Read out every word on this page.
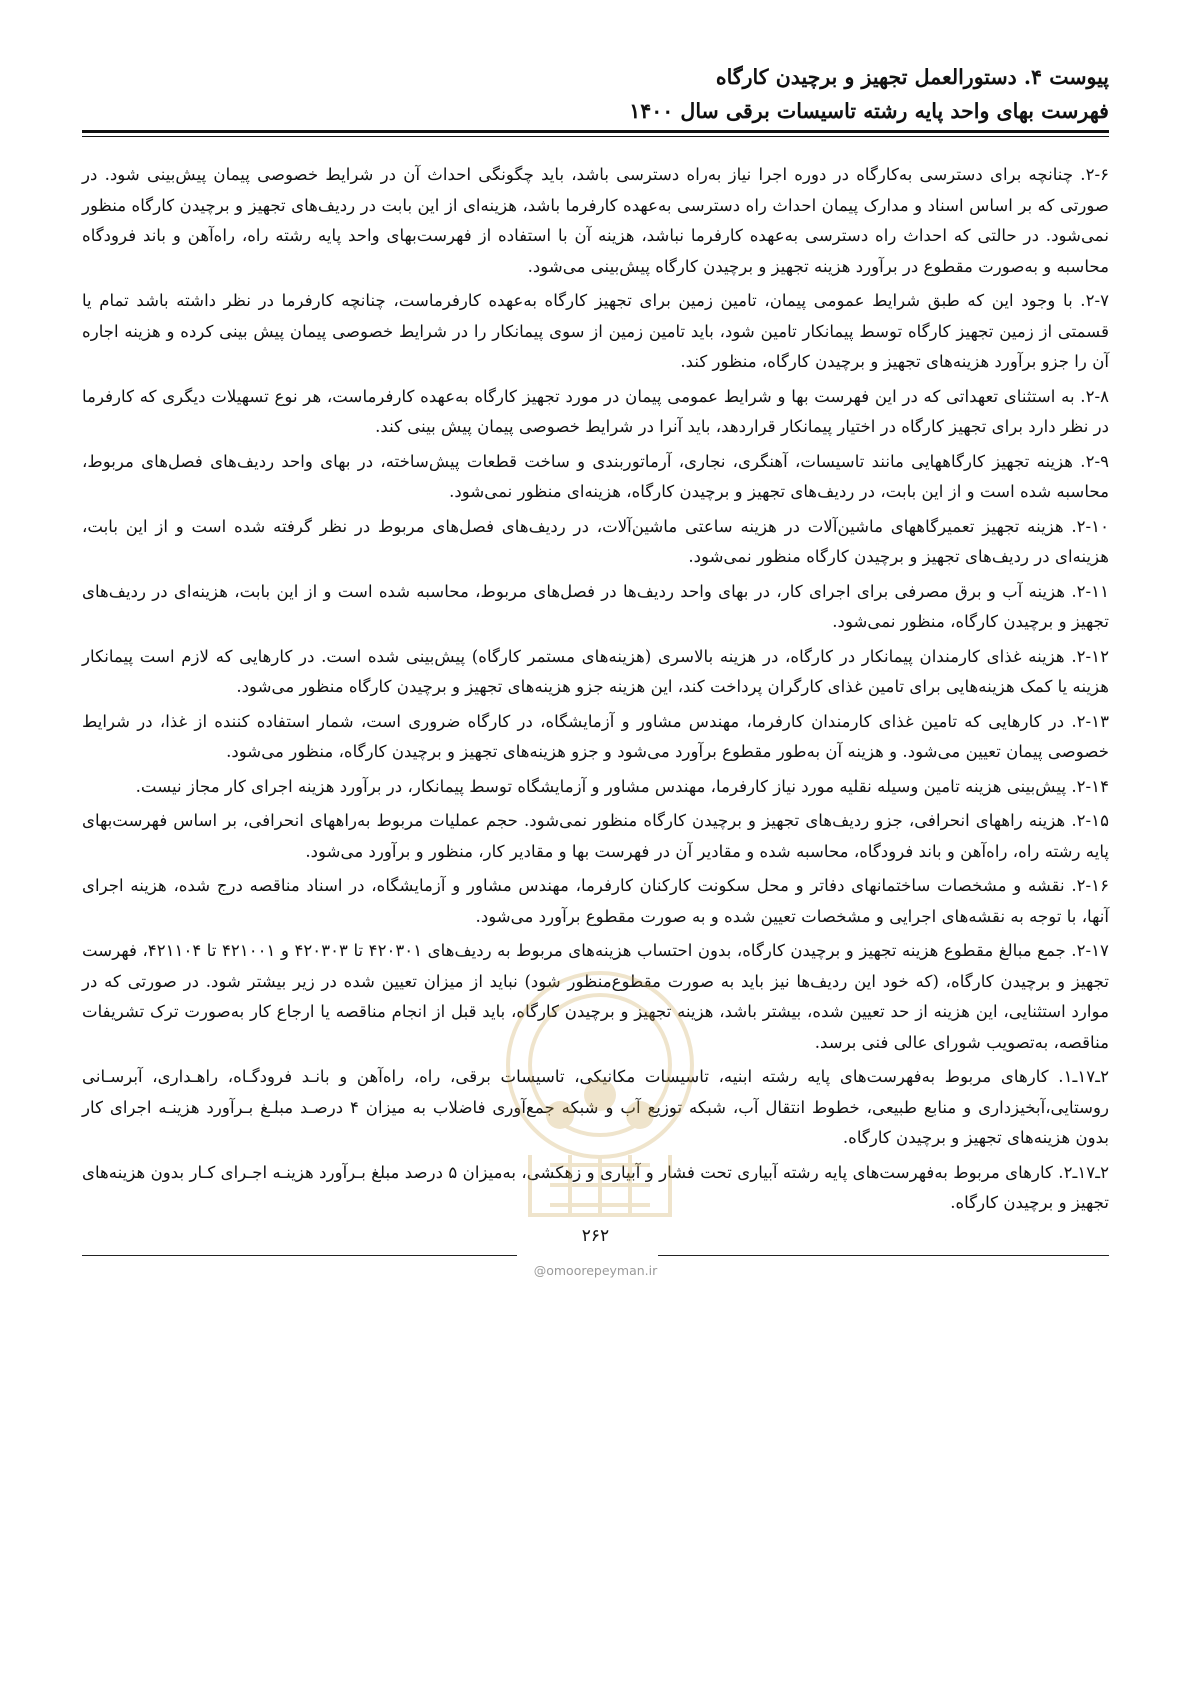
پیوست ۴. دستورالعمل تجهیز و برچیدن کارگاه
فهرست بهای واحد پایه رشته تاسیسات برقی سال ۱۴۰۰

۲-۶. چنانچه برای دسترسی به‌کارگاه در دوره اجرا نیاز به‌راه دسترسی باشد، باید چگونگی احداث آن در شرایط خصوصی پیمان پیش‌بینی شود. در صورتی که بر اساس اسناد و مدارک پیمان احداث راه دسترسی به‌عهده کارفرما باشد، هزینه‌ای از این بابت در ردیف‌های تجهیز و برچیدن کارگاه منظور نمی‌شود. در حالتی که احداث راه دسترسی به‌عهده کارفرما نباشد، هزینه آن با استفاده از فهرست‌بهای واحد پایه رشته راه، راه‌آهن و باند فرودگاه محاسبه و به‌صورت مقطوع در برآورد هزینه تجهیز و برچیدن کارگاه پیش‌بینی می‌شود.

۲-۷. با وجود این که طبق شرایط عمومی پیمان، تامین زمین برای تجهیز کارگاه به‌عهده کارفرماست، چنانچه کارفرما در نظر داشته باشد تمام یا قسمتی از زمین تجهیز کارگاه توسط پیمانکار تامین شود، باید تامین زمین از سوی پیمانکار را در شرایط خصوصی پیمان پیش بینی کرده و هزینه اجاره آن را جزو برآورد هزینه‌های تجهیز و برچیدن کارگاه، منظور کند.

۲-۸. به استثنای تعهداتی که در این فهرست بها و شرایط عمومی پیمان در مورد تجهیز کارگاه به‌عهده کارفرماست، هر نوع تسهیلات دیگری که کارفرما در نظر دارد برای تجهیز کارگاه در اختیار پیمانکار قراردهد، باید آنرا در شرایط خصوصی پیمان پیش بینی کند.

۲-۹. هزینه تجهیز کارگاههایی مانند تاسیسات، آهنگری، نجاری، آرماتوربندی و ساخت قطعات پیش‌ساخته، در بهای واحد ردیف‌های فصل‌های مربوط، محاسبه شده است و از این بابت، در ردیف‌های تجهیز و برچیدن کارگاه، هزینه‌ای منظور نمی‌شود.

۲-۱۰. هزینه تجهیز تعمیرگاههای ماشین‌آلات در هزینه ساعتی ماشین‌آلات، در ردیف‌های فصل‌های مربوط در نظر گرفته شده است و از این بابت، هزینه‌ای در ردیف‌های تجهیز و برچیدن کارگاه منظور نمی‌شود.

۲-۱۱. هزینه آب و برق مصرفی برای اجرای کار، در بهای واحد ردیف‌ها در فصل‌های مربوط، محاسبه شده است و از این بابت، هزینه‌ای در ردیف‌های تجهیز و برچیدن کارگاه، منظور نمی‌شود.

۲-۱۲. هزینه غذای کارمندان پیمانکار در کارگاه، در هزینه بالاسری (هزینه‌های مستمر کارگاه) پیش‌بینی شده است. در کارهایی که لازم است پیمانکار هزینه یا کمک هزینه‌هایی برای تامین غذای کارگران پرداخت کند، این هزینه جزو هزینه‌های تجهیز و برچیدن کارگاه منظور می‌شود.

۲-۱۳. در کارهایی که تامین غذای کارمندان کارفرما، مهندس مشاور و آزمایشگاه، در کارگاه ضروری است، شمار استفاده کننده از غذا، در شرایط خصوصی پیمان تعیین می‌شود. و هزینه آن به‌طور مقطوع برآورد می‌شود و جزو هزینه‌های تجهیز و برچیدن کارگاه، منظور می‌شود.

۲-۱۴. پیش‌بینی هزینه تامین وسیله نقلیه مورد نیاز کارفرما، مهندس مشاور و آزمایشگاه توسط پیمانکار، در برآورد هزینه اجرای کار مجاز نیست.

۲-۱۵. هزینه راههای انحرافی، جزو ردیف‌های تجهیز و برچیدن کارگاه منظور نمی‌شود. حجم عملیات مربوط به‌راههای انحرافی، بر اساس فهرست‌بهای پایه رشته راه، راه‌آهن و باند فرودگاه، محاسبه شده و مقادیر آن در فهرست بها و مقادیر کار، منظور و برآورد می‌شود.

۲-۱۶. نقشه و مشخصات ساختمانهای دفاتر و محل سکونت کارکنان کارفرما، مهندس مشاور و آزمایشگاه، در اسناد مناقصه درج شده، هزینه اجرای آنها، با توجه به نقشه‌های اجرایی و مشخصات تعیین شده و به صورت مقطوع برآورد می‌شود.

۲-۱۷. جمع مبالغ مقطوع هزینه تجهیز و برچیدن کارگاه، بدون احتساب هزینه‌های مربوط به ردیف‌های ۴۲۰۳۰۱ تا ۴۲۰۳۰۳ و ۴۲۱۰۰۱ تا ۴۲۱۱۰۴، فهرست تجهیز و برچیدن کارگاه، (که خود این ردیف‌ها نیز باید به صورت مقطوع‌منظور شود) نباید از میزان تعیین شده در زیر بیشتر شود. در صورتی که در موارد استثنایی، این هزینه از حد تعیین شده، بیشتر باشد، هزینه تجهیز و برچیدن کارگاه، باید قبل از انجام مناقصه یا ارجاع کار به‌صورت ترک تشریفات مناقصه، به‌تصویب شورای عالی فنی برسد.

۲ـ۱۷ـ۱. کارهای مربوط به‌فهرست‌های پایه رشته ابنیه، تاسیسات مکانیکی، تاسیسات برقی، راه، راه‌آهن و بانـد فرودگـاه، راهـداری، آبرسـانی روستایی،آبخیزداری و منابع طبیعی، خطوط انتقال آب، شبکه توزیع آب و شبکه جمع‌آوری فاضلاب به میزان ۴ درصـد مبلـغ بـرآورد هزینـه اجرای کار بدون هزینه‌های تجهیز و برچیدن کارگاه.

۲ـ۱۷ـ۲. کارهای مربوط به‌فهرست‌های پایه رشته آبیاری تحت فشار و آبیاری و زهکشی، به‌میزان ۵ درصد مبلغ بـرآورد هزینـه اجـرای کـار بدون هزینه‌های تجهیز و برچیدن کارگاه.

۲۶۲
@omoorepeyman.ir
